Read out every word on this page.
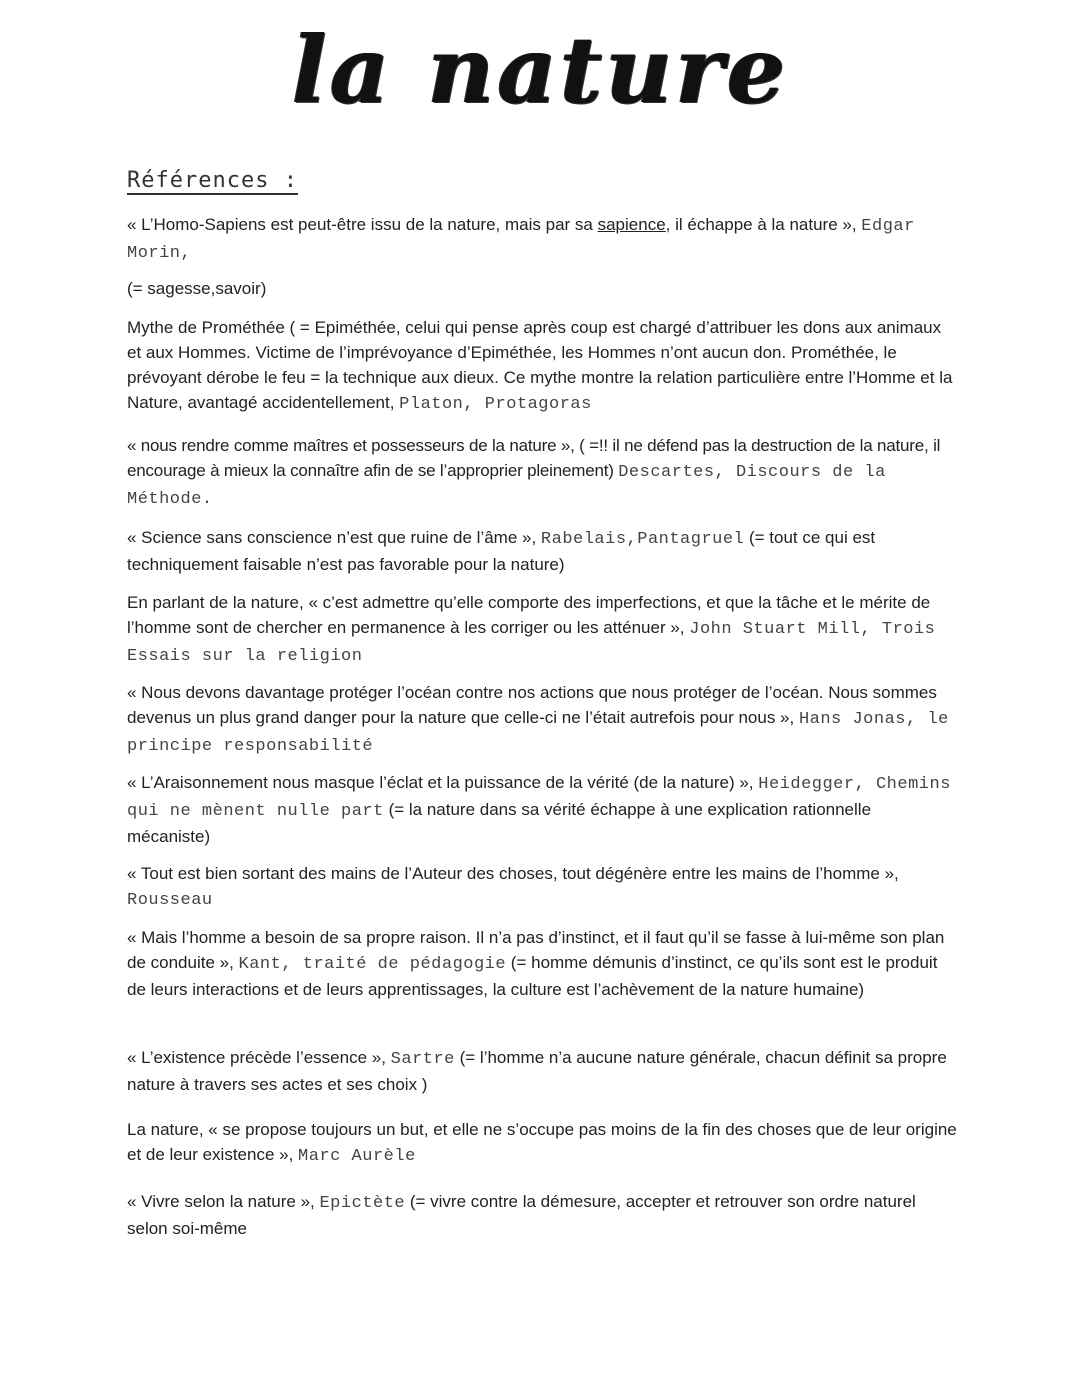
la nature
Références :

« L’Homo-Sapiens est peut-être issu de la nature, mais par sa sapience, il échappe à la nature », Edgar Morin,

(= sagesse,savoir)

Mythe de Prométhée ( = Epiméthée, celui qui pense après coup est chargé d’attribuer les dons aux animaux et aux Hommes. Victime de l’imprévoyance d’Epiméthée, les Hommes n’ont aucun don. Prométhée, le prévoyant dérobe le feu = la technique aux dieux. Ce mythe montre la relation particulière entre l’Homme et la Nature, avantagé accidentellement, Platon, Protagoras

« nous rendre comme maîtres et possesseurs de la nature », ( =!! il ne défend pas la destruction de la nature, il encourage à mieux la connaître afin de se l’approprier pleinement) Descartes, Discours de la Méthode.

« Science sans conscience n’est que ruine de l’âme », Rabelais,Pantagruel (= tout ce qui est techniquement faisable n’est pas favorable pour la nature)

En parlant de la nature, « c’est admettre qu’elle comporte des imperfections, et que la tâche et le mérite de l’homme sont de chercher en permanence à les corriger ou les atténuer », John Stuart Mill, Trois Essais sur la religion

« Nous devons davantage protéger l’océan contre nos actions que nous protéger de l’océan. Nous sommes devenus un plus grand danger pour la nature que celle-ci ne l’était autrefois pour nous », Hans Jonas, le principe responsabilité

« L’Araisonnement nous masque l’éclat et la puissance de la vérité (de la nature) », Heidegger, Chemins qui ne mènent nulle part (= la nature dans sa vérité échappe à une explication rationnelle mécaniste)

« Tout est bien sortant des mains de l’Auteur des choses, tout dégénère entre les mains de l’homme », Rousseau

« Mais l’homme a besoin de sa propre raison. Il n’a pas d’instinct, et il faut qu’il se fasse à lui-même son plan de conduite », Kant, traité de pédagogie (= homme démunis d’instinct, ce qu’ils sont est le produit de leurs interactions et de leurs apprentissages, la culture est l’achèvement de la nature humaine)

« L’existence précède l’essence », Sartre (= l’homme n’a aucune nature générale, chacun définit sa propre nature à travers ses actes et ses choix )

La nature, « se propose toujours un but, et elle ne s’occupe pas moins de la fin des choses que de leur origine et de leur existence », Marc Aurèle

« Vivre selon la nature », Epictète (= vivre contre la démesure, accepter et retrouver son ordre naturel selon soi-même
